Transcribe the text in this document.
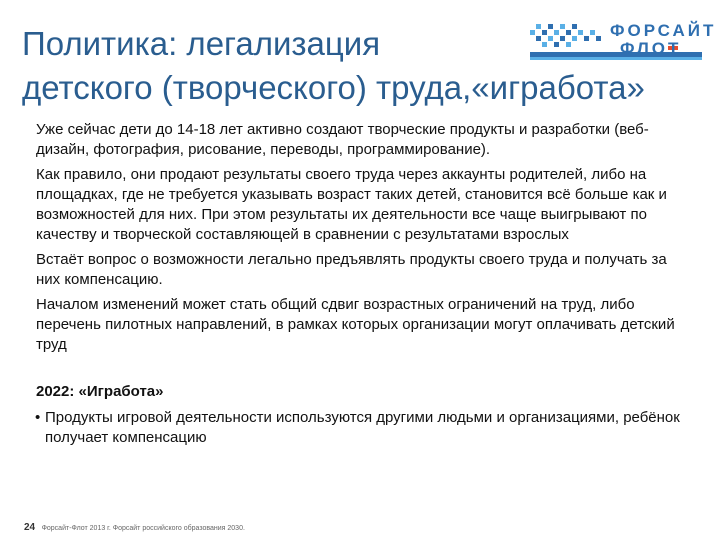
Политика: легализация
детского (творческого) труда,«игработа»
ФОРСАЙТ
ФЛОТ

Уже сейчас дети до 14-18 лет активно создают творческие продукты и разработки (веб-дизайн, фотография, рисование, переводы, программирование).

Как правило, они продают результаты своего труда через аккаунты родителей, либо на площадках, где не требуется указывать возраст таких детей, становится всё больше как и возможностей для них. При этом результаты их деятельности все чаще выигрывают по качеству и творческой составляющей в сравнении с результатами взрослых

Встаёт вопрос о возможности легально предъявлять продукты своего труда и получать за них компенсацию.

Началом изменений может стать общий сдвиг возрастных ограничений на труд, либо перечень пилотных направлений, в рамках которых организации могут оплачивать детский труд

2022: «Игработа»

• Продукты игровой деятельности используются другими людьми и организациями, ребёнок получает компенсацию

24 Форсайт-Флот 2013 г. Форсайт российского образования 2030.
